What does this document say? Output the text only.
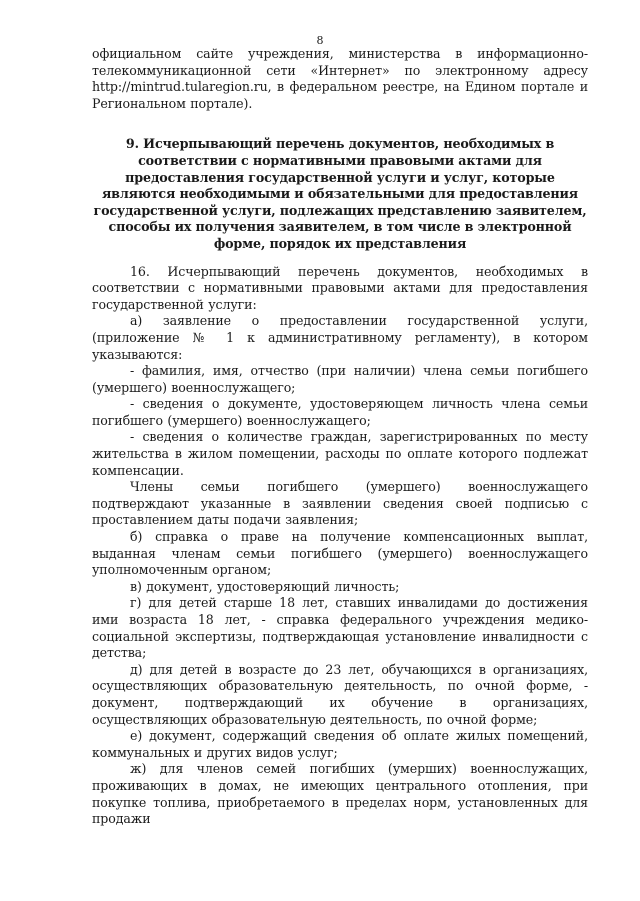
8

официальном сайте учреждения, министерства в информационно-телекоммуникационной сети «Интернет» по электронному адресу http://mintrud.tularegion.ru, в федеральном реестре, на Едином портале и Региональном портале).

9. Исчерпывающий перечень документов, необходимых в соответствии с нормативными правовыми актами для предоставления государственной услуги и услуг, которые являются необходимыми и обязательными для предоставления государственной услуги, подлежащих представлению заявителем, способы их получения заявителем, в том числе в электронной форме, порядок их представления

16. Исчерпывающий перечень документов, необходимых в соответствии с нормативными правовыми актами для предоставления государственной услуги:

а) заявление о предоставлении государственной услуги, (приложение № 1 к административному регламенту), в котором указываются:

- фамилия, имя, отчество (при наличии) члена семьи погибшего (умершего) военнослужащего;

- сведения о документе, удостоверяющем личность члена семьи погибшего (умершего) военнослужащего;

- сведения о количестве граждан, зарегистрированных по месту жительства в жилом помещении, расходы по оплате которого подлежат компенсации.

Члены семьи погибшего (умершего) военнослужащего подтверждают указанные в заявлении сведения своей подписью с проставлением даты подачи заявления;

б) справка о праве на получение компенсационных выплат, выданная членам семьи погибшего (умершего) военнослужащего уполномоченным органом;

в) документ, удостоверяющий личность;

г) для детей старше 18 лет, ставших инвалидами до достижения ими возраста 18 лет, - справка федерального учреждения медико-социальной экспертизы, подтверждающая установление инвалидности с детства;

д) для детей в возрасте до 23 лет, обучающихся в организациях, осуществляющих образовательную деятельность, по очной форме, - документ, подтверждающий их обучение в организациях, осуществляющих образовательную деятельность, по очной форме;

е) документ, содержащий сведения об оплате жилых помещений, коммунальных и других видов услуг;

ж) для членов семей погибших (умерших) военнослужащих, проживающих в домах, не имеющих центрального отопления, при покупке топлива, приобретаемого в пределах норм, установленных для продажи
